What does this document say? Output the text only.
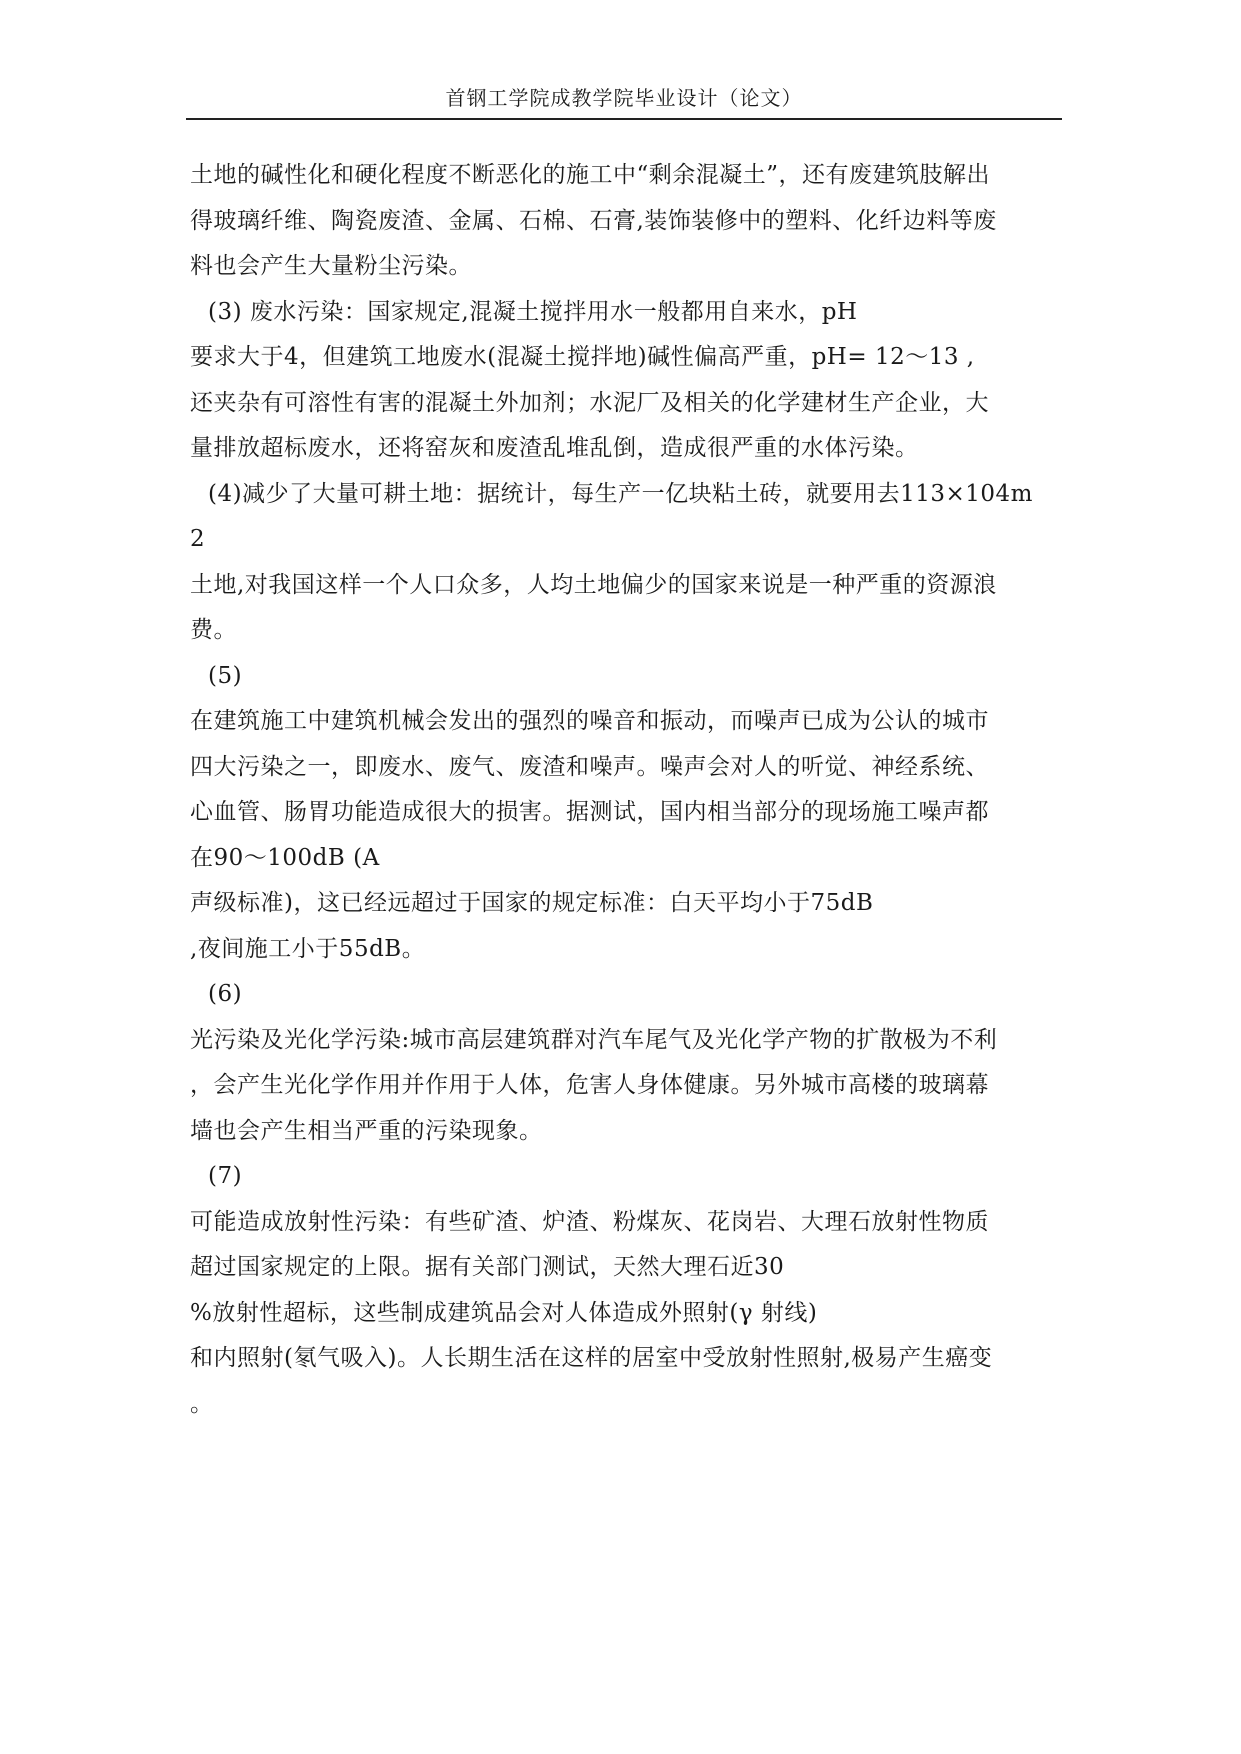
首钢工学院成教学院毕业设计（论文）
土地的碱性化和硬化程度不断恶化的施工中“剩余混凝土”，还有废建筑肢解出
得玻璃纤维、陶瓷废渣、金属、石棉、石膏,装饰装修中的塑料、化纤边料等废
料也会产生大量粉尘污染。
(3) 废水污染：国家规定,混凝土搅拌用水一般都用自来水，pH
要求大于4，但建筑工地废水(混凝土搅拌地)碱性偏高严重，pH= 12～13 ,
还夹杂有可溶性有害的混凝土外加剂；水泥厂及相关的化学建材生产企业，大
量排放超标废水，还将窑灰和废渣乱堆乱倒，造成很严重的水体污染。
(4)减少了大量可耕土地：据统计，每生产一亿块粘土砖，就要用去113×104m
2
土地,对我国这样一个人口众多，人均土地偏少的国家来说是一种严重的资源浪
费。
(5)
在建筑施工中建筑机械会发出的强烈的噪音和振动，而噪声已成为公认的城市
四大污染之一，即废水、废气、废渣和噪声。噪声会对人的听觉、神经系统、
心血管、肠胃功能造成很大的损害。据测试，国内相当部分的现场施工噪声都
在90～100dB (A
声级标准)，这已经远超过于国家的规定标准：白天平均小于75dB
,夜间施工小于55dB。
(6)
光污染及光化学污染:城市高层建筑群对汽车尾气及光化学产物的扩散极为不利
，会产生光化学作用并作用于人体，危害人身体健康。另外城市高楼的玻璃幕
墙也会产生相当严重的污染现象。
(7)
可能造成放射性污染：有些矿渣、炉渣、粉煤灰、花岗岩、大理石放射性物质
超过国家规定的上限。据有关部门测试，天然大理石近30
%放射性超标，这些制成建筑品会对人体造成外照射(γ 射线)
和内照射(氡气吸入)。人长期生活在这样的居室中受放射性照射,极易产生癌变
。
